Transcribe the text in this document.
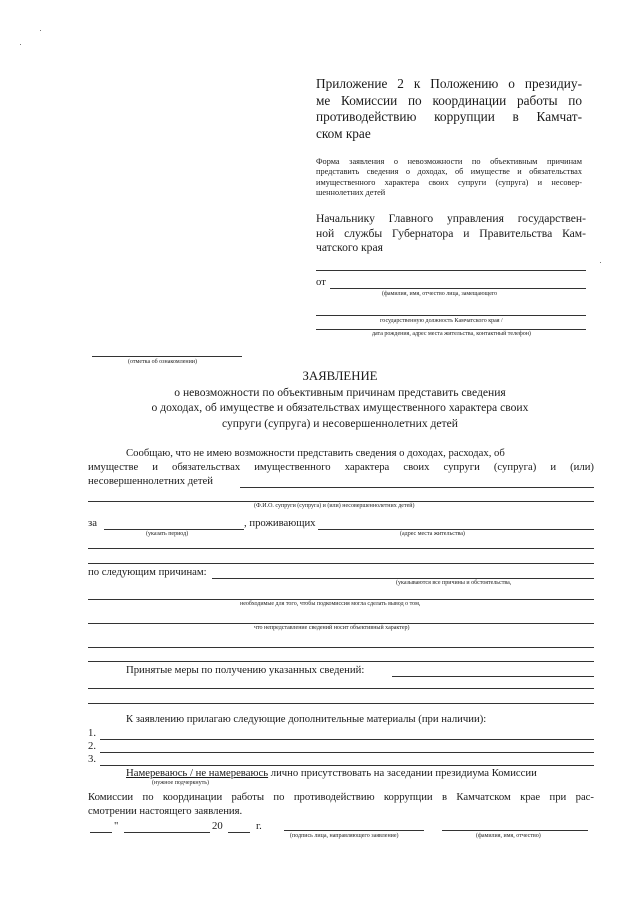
Приложение 2 к Положению о президиу-
ме Комиссии по координации работы по
противодействию коррупции в Камчат-
ском крае
Форма заявления о невозможности по объективным причинам
представить сведения о доходах, об имуществе и обязательствах
имущественного характера своих супруги (супруга) и несовер-
шеннолетних детей
Начальнику Главного управления государствен-
ной службы Губернатора и Правительства Кам-
чатского края
от
(фамилия, имя, отчество лица, замещающего
государственную должность Камчатского края /
дата рождения, адрес места жительства, контактный телефон)
(отметка об ознакомлении)
ЗАЯВЛЕНИЕ
о невозможности по объективным причинам представить сведения
о доходах, об имуществе и обязательствах имущественного характера своих
супруги (супруга) и несовершеннолетних детей
Сообщаю, что не имею возможности представить сведения о доходах, расходах, об
имуществе и обязательствах имущественного характера своих супруги (супруга) и (или)
несовершеннолетних детей
(Ф.И.О. супруги (супруга) и (или) несовершеннолетних детей)
за
(указать период)
, проживающих
(адрес места жительства)
по следующим причинам:
(указываются все причины и обстоятельства,
необходимые для того, чтобы подкомиссия могла сделать вывод о том,
что непредставление сведений носит объективный характер)
Принятые меры по получению указанных сведений:
К заявлению прилагаю следующие дополнительные материалы (при наличии):
1.
2.
3.
Намереваюсь / не намереваюсь лично присутствовать на заседании президиума Комиссии
(нужное подчеркнуть)
Комиссии по координации работы по противодействию коррупции в Камчатском крае при рас-
смотрении настоящего заявления.
"	20	г.
(подпись лица, направляющего заявление)	(фамилия, имя, отчество)
